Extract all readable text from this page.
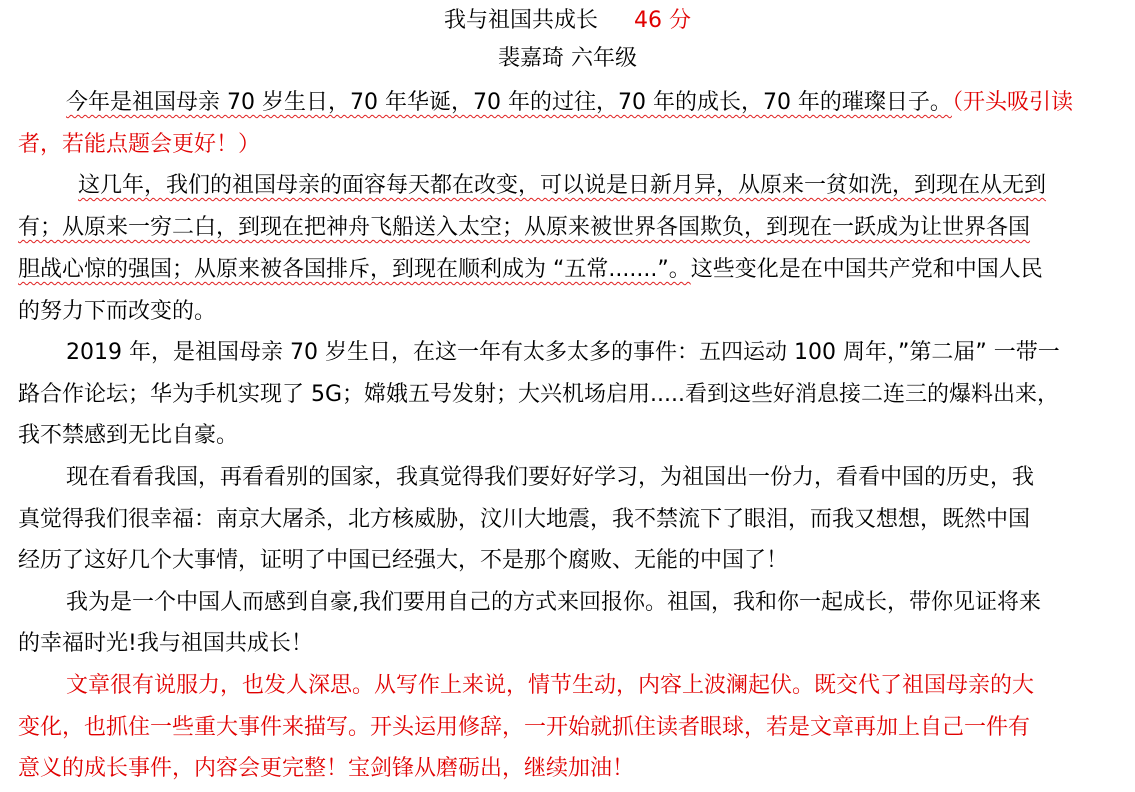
我与祖国共成长 46 分
裴嘉琦 六年级
今年是祖国母亲 70 岁生日，70 年华诞，70 年的过往，70 年的成长，70 年的璀璨日子。（开头吸引读
者，若能点题会更好！）
这几年，我们的祖国母亲的面容每天都在改变，可以说是日新月异，从原来一贫如洗，到现在从无到
有；从原来一穷二白，到现在把神舟飞船送入太空；从原来被世界各国欺负，到现在一跃成为让世界各国
胆战心惊的强国；从原来被各国排斥，到现在顺利成为 “五常.......”。这些变化是在中国共产党和中国人民
的努力下而改变的。
2019 年，是祖国母亲 70 岁生日，在这一年有太多太多的事件：五四运动 100 周年，”第二届” 一带一
路合作论坛；华为手机实现了 5G；嫦娥五号发射；大兴机场启用.....看到这些好消息接二连三的爆料出来，
我不禁感到无比自豪。
现在看看我国，再看看别的国家，我真觉得我们要好好学习，为祖国出一份力，看看中国的历史，我
真觉得我们很幸福：南京大屠杀，北方核威胁，汶川大地震，我不禁流下了眼泪，而我又想想，既然中国
经历了这好几个大事情，证明了中国已经强大，不是那个腐败、无能的中国了！
我为是一个中国人而感到自豪,我们要用自己的方式来回报你。祖国，我和你一起成长，带你见证将来
的幸福时光!我与祖国共成长！
文章很有说服力，也发人深思。从写作上来说，情节生动，内容上波澜起伏。既交代了祖国母亲的大
变化，也抓住一些重大事件来描写。开头运用修辞，一开始就抓住读者眼球，若是文章再加上自己一件有
意义的成长事件，内容会更完整！宝剑锋从磨砺出，继续加油！
